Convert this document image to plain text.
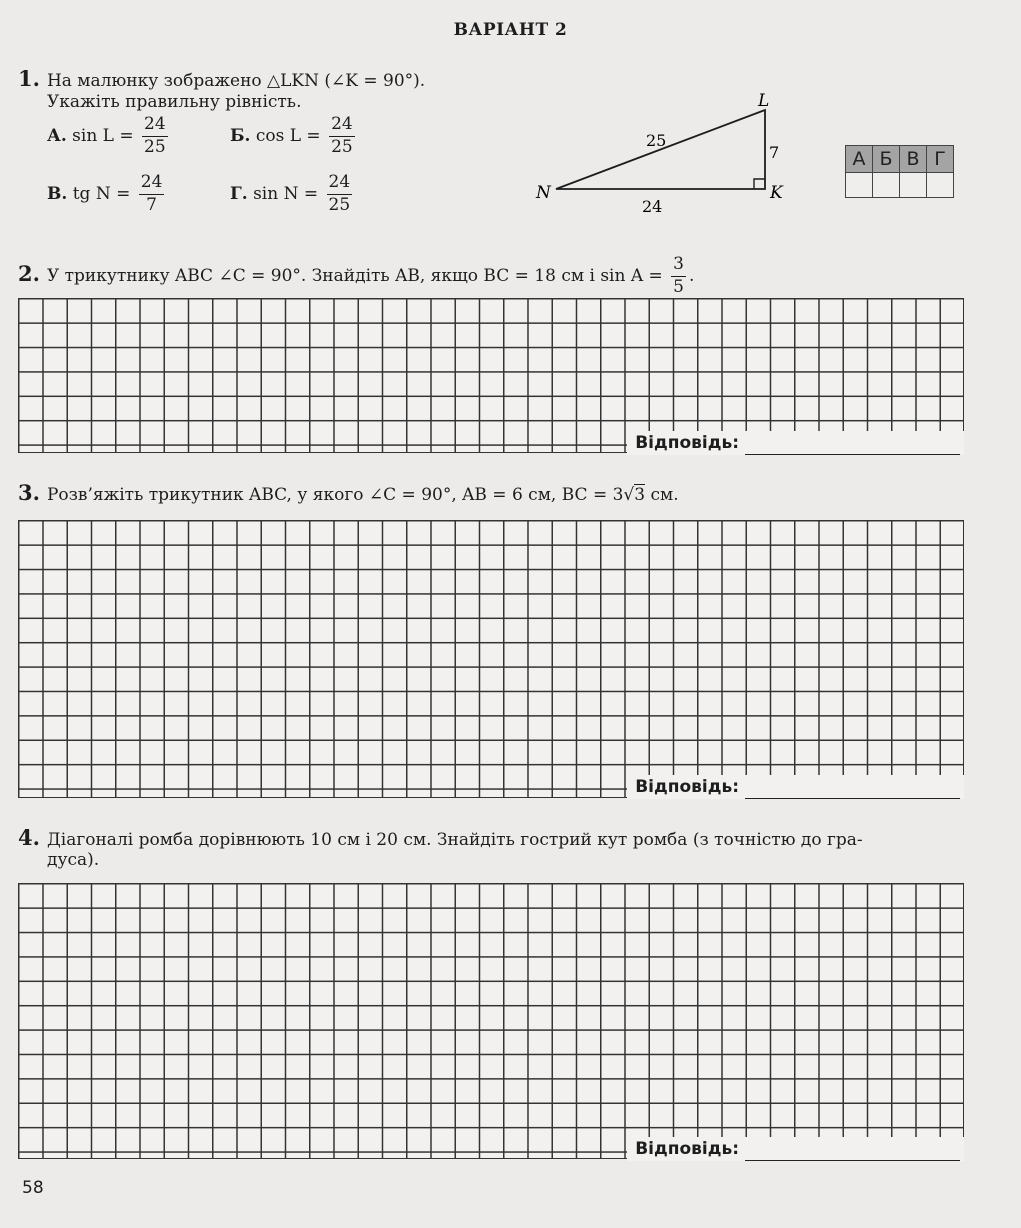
ВАРІАНТ 2
1. На малюнку зображено △LKN (∠K = 90°).
Укажіть правильну рівність.
А. $\sin L = \frac{24}{25}$	Б. $\cos L = \frac{24}{25}$
В. tg $N = \frac{24}{7}$	Г. $\sin N = \frac{24}{25}$
L
K
N
25
7
24
А	Б	В	Г

2. У трикутнику ABC ∠C = 90°. Знайдіть AB, якщо BC = 18 см і $\sin A = \frac{3}{5}$ .
Відповідь:
3. Розв’яжіть трикутник ABC, у якого ∠C = 90°, AB = 6 см, BC = 3√3 см.
Відповідь:
4. Діагоналі ромба дорівнюють 10 см і 20 см. Знайдіть гострий кут ромба (з точністю до гра-
дуса).
Відповідь:
58
